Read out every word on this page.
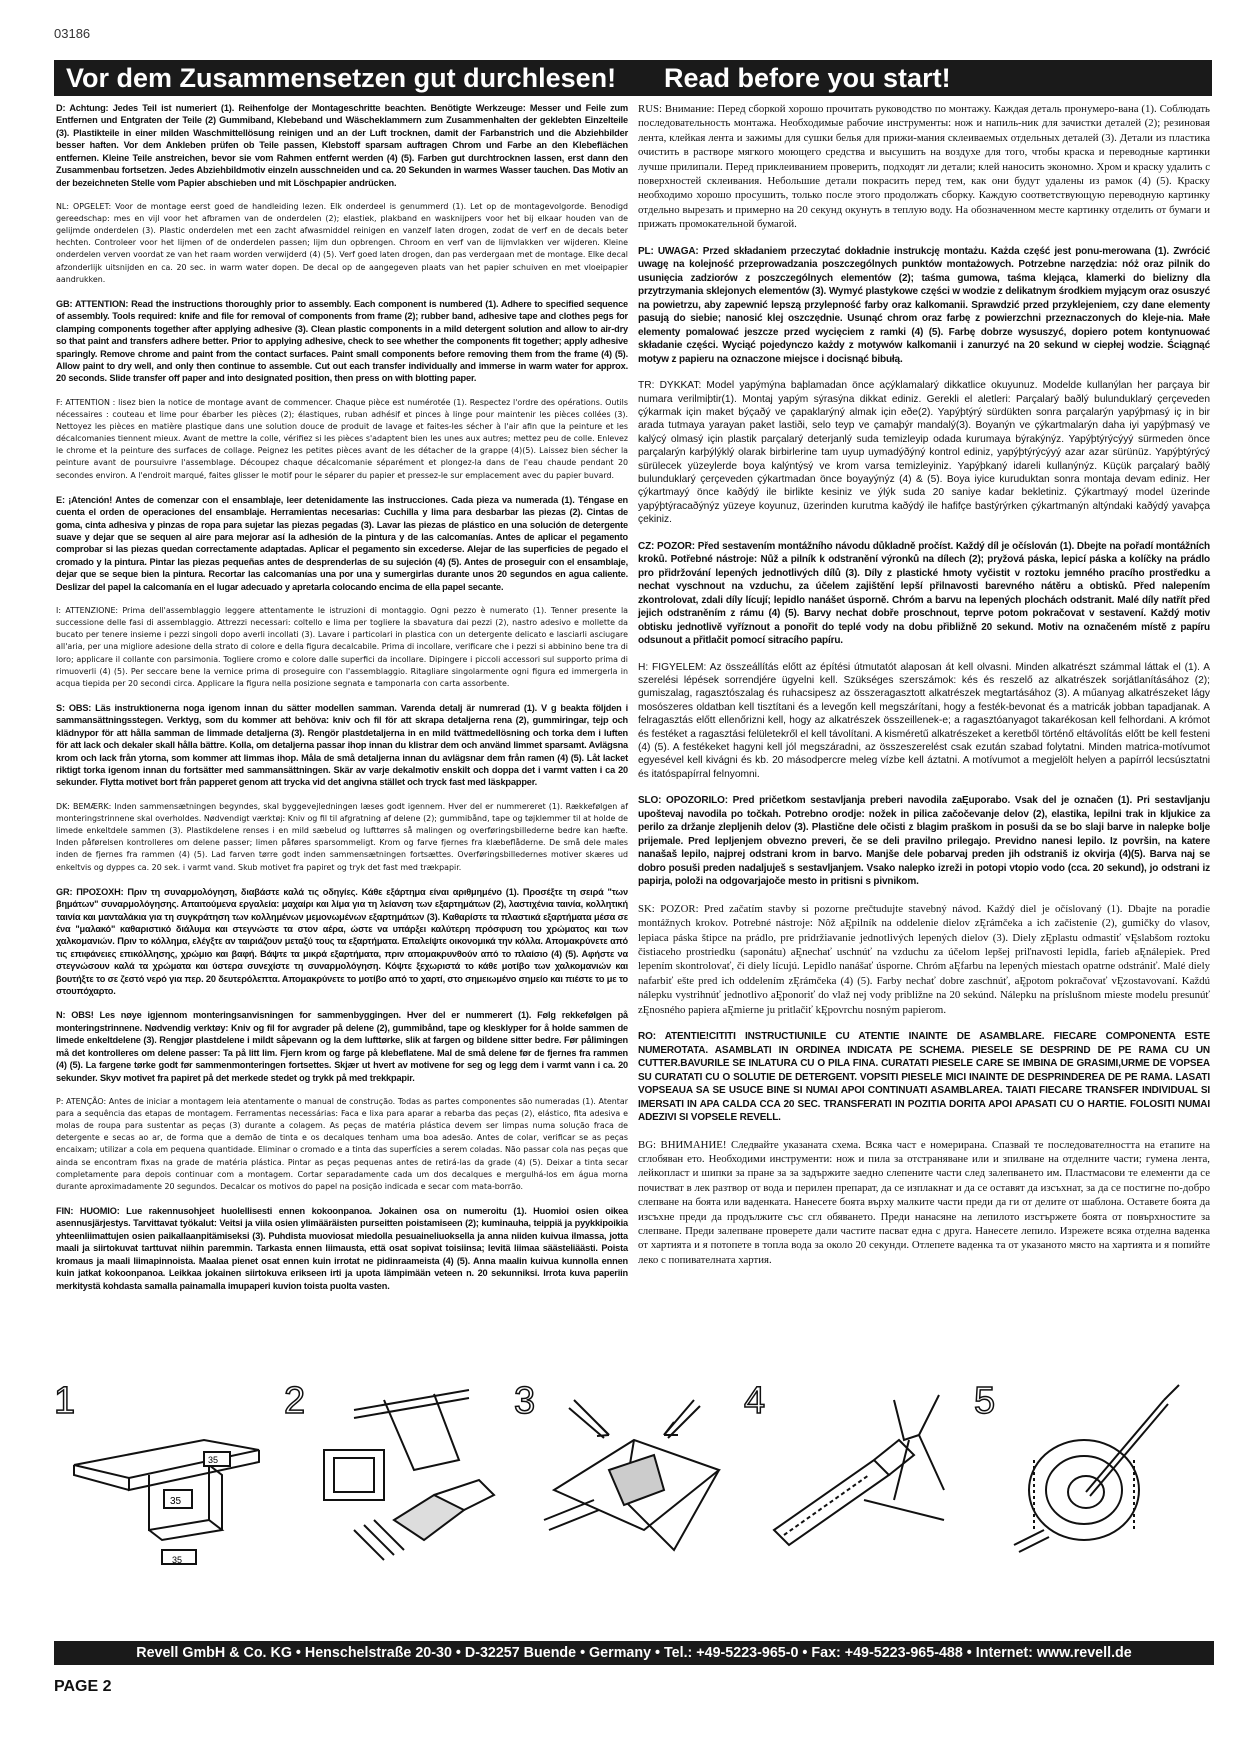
03186
Vor dem Zusammensetzen gut durchlesen!	Read before you start!

D: Achtung: Jedes Teil ist numeriert (1). Reihenfolge der Montageschritte beachten. Benötigte Werkzeuge: Messer und Feile zum Entfernen und Entgraten der Teile (2) Gummiband, Klebeband und Wäscheklammern zum Zusammenhalten der geklebten Einzelteile (3). Plastikteile in einer milden Waschmittellösung reinigen und an der Luft trocknen, damit der Farbanstrich und die Abziehbilder besser haften. Vor dem Ankleben prüfen ob Teile passen, Klebstoff sparsam auftragen Chrom und Farbe an den Klebeflächen entfernen. Kleine Teile anstreichen, bevor sie vom Rahmen entfernt werden (4) (5). Farben gut durchtrocknen lassen, erst dann den Zusammenbau fortsetzen. Jedes Abziehbildmotiv einzeln ausschneiden und ca. 20 Sekunden in warmes Wasser tauchen. Das Motiv an der bezeichneten Stelle vom Papier abschieben und mit Löschpapier andrücken.

NL: OPGELET: Voor de montage eerst goed de handleiding lezen. Elk onderdeel is genummerd (1). Let op de montagevolgorde. Benodigd gereedschap: mes en vijl voor het afbramen van de onderdelen (2); elastiek, plakband en wasknijpers voor het bij elkaar houden van de gelijmde onderdelen (3). Plastic onderdelen met een zacht afwasmiddel reinigen en vanzelf laten drogen, zodat de verf en de decals beter hechten. Controleer voor het lijmen of de onderdelen passen; lijm dun opbrengen. Chroom en verf van de lijmvlakken ver wijderen. Kleine onderdelen verven voordat ze van het raam worden verwijderd (4) (5). Verf goed laten drogen, dan pas verdergaan met de montage. Elke decal afzonderlijk uitsnijden en ca. 20 sec. in warm water dopen. De decal op de aangegeven plaats van het papier schuiven en met vloeipapier aandrukken.

GB: ATTENTION: Read the instructions thoroughly prior to assembly. Each component is numbered (1). Adhere to specified sequence of assembly. Tools required: knife and file for removal of components from frame (2); rubber band, adhesive tape and clothes pegs for clamping components together after applying adhesive (3). Clean plastic components in a mild detergent solution and allow to air-dry so that paint and transfers adhere better. Prior to applying adhesive, check to see whether the components fit together; apply adhesive sparingly. Remove chrome and paint from the contact surfaces. Paint small components before removing them from the frame (4) (5). Allow paint to dry well, and only then continue to assemble. Cut out each transfer individually and immerse in warm water for approx. 20 seconds. Slide transfer off paper and into designated position, then press on with blotting paper.

F: ATTENTION : lisez bien la notice de montage avant de commencer. Chaque pièce est numérotée (1). Respectez l'ordre des opérations. Outils nécessaires : couteau et lime pour ébarber les pièces (2); élastiques, ruban adhésif et pinces à linge pour maintenir les pièces collées (3). Nettoyez les pièces en matière plastique dans une solution douce de produit de lavage et faites-les sécher à l'air afin que la peinture et les décalcomanies tiennent mieux. Avant de mettre la colle, vérifiez si les pièces s'adaptent bien les unes aux autres; mettez peu de colle. Enlevez le chrome et la peinture des surfaces de collage. Peignez les petites pièces avant de les détacher de la grappe (4)(5). Laissez bien sécher la peinture avant de poursuivre l'assemblage. Découpez chaque décalcomanie séparément et plongez-la dans de l'eau chaude pendant 20 secondes environ. A l'endroit marqué, faites glisser le motif pour le séparer du papier et pressez-le sur emplacement avec du papier buvard.

E: ¡Atención! Antes de comenzar con el ensamblaje, leer detenidamente las instrucciones. Cada pieza va numerada (1). Téngase en cuenta el orden de operaciones del ensamblaje. Herramientas necesarias: Cuchilla y lima para desbarbar las piezas (2). Cintas de goma, cinta adhesiva y pinzas de ropa para sujetar las piezas pegadas (3). Lavar las piezas de plástico en una solución de detergente suave y dejar que se sequen al aire para mejorar así la adhesión de la pintura y de las calcomanías. Antes de aplicar el pegamento comprobar si las piezas quedan correctamente adaptadas. Aplicar el pegamento sin excederse. Alejar de las superficies de pegado el cromado y la pintura. Pintar las piezas pequeñas antes de desprenderlas de su sujeción (4) (5). Antes de proseguir con el ensamblaje, dejar que se seque bien la pintura. Recortar las calcomanías una por una y sumergirlas durante unos 20 segundos en agua caliente. Deslizar del papel la calcomanía en el lugar adecuado y apretarla colocando encima de ella papel secante.

I: ATTENZIONE: Prima dell'assemblaggio leggere attentamente le istruzioni di montaggio. Ogni pezzo è numerato (1). Tenner presente la successione delle fasi di assemblaggio. Attrezzi necessari: coltello e lima per togliere la sbavatura dai pezzi (2), nastro adesivo e mollette da bucato per tenere insieme i pezzi singoli dopo averli incollati (3). Lavare i particolari in plastica con un detergente delicato e lasciarli asciugare all'aria, per una migliore adesione della strato di colore e della figura decalcabile. Prima di incollare, verificare che i pezzi si abbinino bene tra di loro; applicare il collante con parsimonia. Togliere cromo e colore dalle superfici da incollare. Dipingere i piccoli accessori sul supporto prima di rimuoverli (4) (5). Per seccare bene la vernice prima di proseguire con l'assemblaggio. Ritagliare singolarmente ogni figura ed immergerla in acqua tiepida per 20 secondi circa. Applicare la figura nella posizione segnata e tamponarla con carta assorbente.

S: OBS: Läs instruktionerna noga igenom innan du sätter modellen samman. Varenda detalj är numrerad (1). V g beakta följden i sammansättningsstegen. Verktyg, som du kommer att behöva: kniv och fil för att skrapa detaljerna rena (2), gummiringar, tejp och klädnypor för att hålla samman de limmade detaljerna (3). Rengör plastdetaljerna in en mild tvättmedellösning och torka dem i luften för att lack och dekaler skall hålla bättre. Kolla, om detaljerna passar ihop innan du klistrar dem och använd limmet sparsamt. Avlägsna krom och lack från ytorna, som kommer att limmas ihop. Måla de små detaljerna innan du avlägsnar dem från ramen (4) (5). Låt lacket riktigt torka igenom innan du fortsätter med sammansättningen. Skär av varje dekalmotiv enskilt och doppa det i varmt vatten i ca 20 sekunder. Flytta motivet bort från papperet genom att trycka vid det angivna stället och tryck fast med läskpapper.

DK: BEMÆRK: Inden sammensætningen begyndes, skal byggevejledningen læses godt igennem. Hver del er nummereret (1). Rækkefølgen af monteringstrinnene skal overholdes. Nødvendigt værktøj: Kniv og fil til afgratning af delene (2); gummibånd, tape og tøjklemmer til at holde de limede enkeltdele sammen (3). Plastikdelene renses i en mild sæbelud og lufttørres så malingen og overføringsbillederne bedre kan hæfte. Inden påførelsen kontrolleres om delene passer; limen påføres sparsommeligt. Krom og farve fjernes fra klæbeflåderne. De små dele males inden de fjernes fra rammen (4) (5). Lad farven tørre godt inden sammensætningen fortsættes. Overføringsbilledernes motiver skæres ud enkeltvis og dyppes ca. 20 sek. i varmt vand. Skub motivet fra papiret og tryk det fast med trækpapir.

GR: ΠΡΟΣΟΧΗ: Πριν τη συναρμολόγηση, διαβάστε καλά τις οδηγίες. Κάθε εξάρτημα είναι αριθμημένο (1). Προσέξτε τη σειρά "των βημάτων" συναρμολόγησης. Απαιτούμενα εργαλεία: μαχαίρι και λίμα για τη λείανση των εξαρτημάτων (2), λαστιχένια ταινία, κολλητική ταινία και μανταλάκια για τη συγκράτηση των κολλημένων μεμονωμένων εξαρτημάτων (3). Καθαρίστε τα πλαστικά εξαρτήματα μέσα σε ένα "μαλακό" καθαριστικό διάλυμα και στεγνώστε τα στον αέρα, ώστε να υπάρξει καλύτερη πρόσφυση του χρώματος και των χαλκομανιών. Πριν το κόλλημα, ελέγξτε αν ταιριάζουν μεταξύ τους τα εξαρτήματα. Επαλείψτε οικονομικά την κόλλα. Απομακρύνετε από τις επιφάνειες επικόλλησης, χρώμιο και βαφή. Βάψτε τα μικρά εξαρτήματα, πριν απομακρυνθούν από το πλαίσιο (4) (5). Αφήστε να στεγνώσουν καλά τα χρώματα και ύστερα συνεχίστε τη συναρμολόγηση. Κόψτε ξεχωριστά το κάθε μοτίβο των χαλκομανιών και βουτήξτε το σε ζεστό νερό για περ. 20 δευτερόλεπτα. Απομακρύνετε το μοτίβο από το χαρτί, στο σημειωμένο σημείο και πιέστε το με το στουπόχαρτο.

N: OBS! Les nøye igjennom monteringsanvisningen for sammenbyggingen. Hver del er nummerert (1). Følg rekkefølgen på monteringstrinnene. Nødvendig verktøy: Kniv og fil for avgrader på delene (2), gummibånd, tape og klesklyper for å holde sammen de limede enkeltdelene (3). Rengjør plastdelene i mildt såpevann og la dem lufttørke, slik at fargen og bildene sitter bedre. Før pålimingen må det kontrolleres om delene passer: Ta på litt lim. Fjern krom og farge på klebeflatene. Mal de små delene før de fjernes fra rammen (4) (5). La fargene tørke godt før sammenmonteringen fortsettes. Skjær ut hvert av motivene for seg og legg dem i varmt vann i ca. 20 sekunder. Skyv motivet fra papiret på det merkede stedet og trykk på med trekkpapir.

P: ATENÇÃO: Antes de iniciar a montagem leia atentamente o manual de construção. Todas as partes componentes são numeradas (1). Atentar para a sequência das etapas de montagem. Ferramentas necessárias: Faca e lixa para aparar a rebarba das peças (2), elástico, fita adesiva e molas de roupa para sustentar as peças (3) durante a colagem. As peças de matéria plástica devem ser limpas numa solução fraca de detergente e secas ao ar, de forma que a demão de tinta e os decalques tenham uma boa adesão. Antes de colar, verificar se as peças encaixam; utilizar a cola em pequena quantidade. Eliminar o cromado e a tinta das superfícies a serem coladas. Não passar cola nas peças que ainda se encontram fixas na grade de matéria plástica. Pintar as peças pequenas antes de retirá-las da grade (4) (5). Deixar a tinta secar completamente para depois continuar com a montagem. Cortar separadamente cada um dos decalques e mergulhá-los em água morna durante aproximadamente 20 segundos. Decalcar os motivos do papel na posição indicada e secar com mata-borrão.

FIN: HUOMIO: Lue rakennusohjeet huolellisesti ennen kokoonpanoa. Jokainen osa on numeroitu (1). Huomioi osien oikea asennusjärjestys. Tarvittavat työkalut: Veitsi ja viila osien ylimääräisten purseitten poistamiseen (2); kuminauha, teippiä ja pyykkipoikia yhteenliimattujen osien paikallaanpitämiseksi (3). Puhdista muoviosat miedolla pesuaineliuoksella ja anna niiden kuivua ilmassa, jotta maali ja siirtokuvat tarttuvat niihin paremmin. Tarkasta ennen liimausta, että osat sopivat toisiinsa; levitä liimaa säästeliäästi. Poista kromaus ja maali liimapinnoista. Maalaa pienet osat ennen kuin irrotat ne pidinraameista (4) (5). Anna maalin kuivua kunnolla ennen kuin jatkat kokoonpanoa. Leikkaa jokainen siirtokuva erikseen irti ja upota lämpimään veteen n. 20 sekunniksi. Irrota kuva paperiin merkitystä kohdasta samalla painamalla imupaperi kuvion toista puolta vasten.

RUS: Внимание: Перед сборкой хорошо прочитать руководство по монтажу. Каждая деталь пронумеро-вана (1). Соблюдать последовательность монтажа. Необходимые рабочие инструменты: нож и напиль-ник для зачистки деталей (2); резиновая лента, клейкая лента и зажимы для сушки белья для прижи-мания склеиваемых отдельных деталей (3). Детали из пластика очистить в растворе мягкого моющего средства и высушить на воздухе для того, чтобы краска и переводные картинки лучше прилипали. Перед приклеиванием проверить, подходят ли детали; клей наносить экономно. Хром и краску удалить с поверхностей склеивания. Небольшие детали покрасить перед тем, как они будут удалены из рамок (4) (5). Краску необходимо хорошо просушить, только после этого продолжать сборку. Каждую соответствующую переводную картинку отдельно вырезать и примерно на 20 секунд окунуть в теплую воду. На обозначенном месте картинку отделить от бумаги и прижать промокательной бумагой.

PL: UWAGA: Przed składaniem przeczytać dokładnie instrukcję montażu. Każda część jest ponu-merowana (1). Zwrócić uwagę na kolejność przeprowadzania poszczególnych punktów montażowych. Potrzebne narzędzia: nóż oraz pilnik do usunięcia zadziorów z poszczególnych elementów (2); taśma gumowa, taśma klejąca, klamerki do bielizny dla przytrzymania sklejonych elementów (3). Wymyć plastykowe części w wodzie z delikatnym środkiem myjącym oraz osuszyć na powietrzu, aby zapewnić lepszą przylepność farby oraz kalkomanii. Sprawdzić przed przyklejeniem, czy dane elementy pasują do siebie; nanosić klej oszczędnie. Usunąć chrom oraz farbę z powierzchni przeznaczonych do kleje-nia. Małe elementy pomalować jeszcze przed wycięciem z ramki (4) (5). Farbę dobrze wysuszyć, dopiero potem kontynuować składanie części. Wyciąć pojedynczo każdy z motywów kalkomanii i zanurzyć na 20 sekund w ciepłej wodzie. Ściągnąć motyw z papieru na oznaczone miejsce i docisnąć bibułą.

TR: DYKKAT: Model yapýmýna baþlamadan önce açýklamalarý dikkatlice okuyunuz. Modelde kullanýlan her parçaya bir numara verilmiþtir(1). Montaj yapým sýrasýna dikkat ediniz. Gerekli el aletleri: Parçalarý baðlý bulunduklarý çerçeveden çýkarmak için maket býçaðý ve çapaklarýný almak için eðe(2). Yapýþtýrý sürdükten sonra parçalarýn yapýþmasý iç in bir arada tutmaya yarayan paket lastiði, selo teyp ve çamaþýr mandalý(3). Boyanýn ve çýkartmalarýn daha iyi yapýþmasý ve kalýcý olmasý için plastik parçalarý deterjanlý suda temizleyip odada kurumaya býrakýnýz. Yapýþtýrýcýyý sürmeden önce parçalarýn karþýlýklý olarak birbirlerine tam uyup uymadýðýný kontrol ediniz, yapýþtýrýcýyý azar azar sürünüz. Yapýþtýrýcý sürülecek yüzeylerde boya kalýntýsý ve krom varsa temizleyiniz. Yapýþkaný idareli kullanýnýz. Küçük parçalarý baðlý bulunduklarý çerçeveden çýkartmadan önce boyayýnýz (4) & (5). Boya iyice kuruduktan sonra montaja devam ediniz. Her çýkartmayý önce kaðýdý ile birlikte kesiniz ve ýlýk suda 20 saniye kadar bekletiniz. Çýkartmayý model üzerinde yapýþtýracaðýnýz yüzeye koyunuz, üzerinden kurutma kaðýdý ile hafifçe bastýrýrken çýkartmanýn altýndaki kaðýdý yavaþça çekiniz.

CZ: POZOR: Před sestavením montážního návodu důkladně pročíst. Každý díl je očíslován (1). Dbejte na pořadí montážních kroků. Potřebné nástroje: Nůž a pilník k odstranění výronků na dílech (2); pryžová páska, lepicí páska a kolíčky na prádlo pro přidržování lepených jednotlivých dílů (3). Díly z plastické hmoty vyčistit v roztoku jemného pracího prostředku a nechat vyschnout na vzduchu, za účelem zajištění lepší přilnavosti barevného nátěru a obtisků. Před nalepením zkontrolovat, zdali díly lícují; lepidlo nanášet úsporně. Chróm a barvu na lepených plochách odstranit. Malé díly natřít před jejich odstraněním z rámu (4) (5). Barvy nechat dobře proschnout, teprve potom pokračovat v sestavení. Každý motiv obtisku jednotlivě vyříznout a ponořit do teplé vody na dobu přibližně 20 sekund. Motiv na označeném místě z papíru odsunout a přitlačit pomocí sitracího papíru.

H: FIGYELEM: Az összeállítás előtt az építési útmutatót alaposan át kell olvasni. Minden alkatrészt számmal láttak el (1). A szerelési lépések sorrendjére ügyelni kell. Szükséges szerszámok: kés és reszelő az alkatrészek sorjátlanításához (2); gumiszalag, ragasztószalag és ruhacsipesz az összeragasztott alkatrészek megtartásához (3). A műanyag alkatrészeket lágy mosószeres oldatban kell tisztítani és a levegőn kell megszárítani, hogy a festék-bevonat és a matricák jobban tapadjanak. A felragasztás előtt ellenőrizni kell, hogy az alkatrészek összeillenek-e; a ragasztóanyagot takarékosan kell felhordani. A krómot és festéket a ragasztási felületekről el kell távolítani. A kisméretű alkatrészeket a keretből történő eltávolítás előtt be kell festeni (4) (5). A festékeket hagyni kell jól megszáradni, az összeszerelést csak ezután szabad folytatni. Minden matrica-motívumot egyesével kell kivágni és kb. 20 másodpercre meleg vízbe kell áztatni. A motívumot a megjelölt helyen a papírról lecsúsztatni és itatóspapírral felnyomni.

SLO: OPOZORILO: Pred pričetkom sestavljanja preberi navodila zaĘuporabo. Vsak del je označen (1). Pri sestavljanju upoštevaj navodila po točkah. Potrebno orodje: nožek in pilica začočevanje delov (2), elastika, lepilni trak in kljukice za perilo za držanje zlepljenih delov (3). Plastične dele očisti z blagim praškom in posuši da se bo slaji barve in nalepke bolje prijemale. Pred lepljenjem obvezno preveri, če se deli pravilno prilegajo. Previdno nanesi lepilo. Iz površin, na katere nanašaš lepilo, najprej odstrani krom in barvo. Manjše dele pobarvaj preden jih odstraniš iz okvirja (4)(5). Barva naj se dobro posuši preden nadaljuješ s sestavljanjem. Vsako nalepko izreži in potopi vtopio vodo (cca. 20 sekund), jo odstrani iz papirja, položi na odgovarjajoče mesto in pritisni s pivnikom.

SK: POZOR: Pred začatím stavby si pozorne prečtudujte stavebný návod. Každý diel je očíslovaný (1). Dbajte na poradie montážnych krokov. Potrebné nástroje: Nôž aĘpilník na oddelenie dielov zĘrámčeka a ich začistenie (2), gumičky do vlasov, lepiaca páska štipce na prádlo, pre pridržiavanie jednotlivých lepených dielov (3). Diely zĘplastu odmastiť vĘslabšom roztoku čistiaceho prostriedku (saponátu) aĘnechať uschnúť na vzduchu za účelom lepšej priľnavosti lepidla, farieb aĘnálepiek. Pred lepením skontrolovať, či diely lícujú. Lepidlo nanášať úsporne. Chróm aĘfarbu na lepených miestach opatrne odstrániť. Malé diely nafarbiť ešte pred ich oddelením zĘrámčeka (4) (5). Farby nechať dobre zaschnúť, aĘpotom pokračovať vĘzostavovaní. Každú nálepku vystrihnúť jednotlivo aĘponoriť do vlaž nej vody približne na 20 sekúnd. Nálepku na príslušnom mieste modelu presunúť zĘnosného papiera aĘmierne ju pritlačiť kĘpovrchu nosným papierom.

RO: ATENTIE!CITITI INSTRUCTIUNILE CU ATENTIE INAINTE DE ASAMBLARE. FIECARE COMPONENTA ESTE NUMEROTATA. ASAMBLATI IN ORDINEA INDICATA PE SCHEMA. PIESELE SE DESPRIND DE PE RAMA CU UN CUTTER.BAVURILE SE INLATURA CU O PILA FINA. CURATATI PIESELE CARE SE IMBINA DE GRASIMI,URME DE VOPSEA SU CURATATI CU O SOLUTIE DE DETERGENT. VOPSITI PIESELE MICI INAINTE DE DESPRINDEREA DE PE RAMA. LASATI VOPSEAUA SA SE USUCE BINE SI NUMAI APOI CONTINUATI ASAMBLAREA. TAIATI FIECARE TRANSFER INDIVIDUAL SI IMERSATI IN APA CALDA CCA 20 SEC. TRANSFERATI IN POZITIA DORITA APOI APASATI CU O HARTIE. FOLOSITI NUMAI ADEZIVI SI VOPSELE REVELL.

BG: ВНИМАНИЕ! Следвайте указаната схема. Всяка част е номерирана. Спазвай те последователността на етапите на сглобяван ето. Необходими инструменти: нож и пила за отстраняване или и зпилване на отделните части; гумена лента, лейкопласт и шипки за пране за за задържите заедно слепените части след залепването им. Пластмасови те елементи да се почистват в лек разтвор от вода и перилен препарат, да се изплакнат и да се оставят да изсъхнат, за да се постигне по-добро слепване на боята или ваденката. Нанесете боята върху малките части преди да ги от делите от шаблона. Оставете боята да изсъхне преди да продължите със сгл обяването. Преди нанасяне на лепилото изстържете боята от повърхностите за слепване. Преди залепване проверете дали частите пасват една с друга. Нанесете лепило. Изрежете всяка отделна ваденка от хартията и я потопете в топла вода за около 20 секунди. Отлепете ваденка та от указаното място на хартията и я попийте леко с попивателната хартия.

1
35
35
35
2	3	4	5
Revell GmbH & Co. KG • Henschelstraße 20-30 • D-32257 Buende • Germany • Tel.: +49-5223-965-0 • Fax: +49-5223-965-488 • Internet: www.revell.de
PAGE 2
